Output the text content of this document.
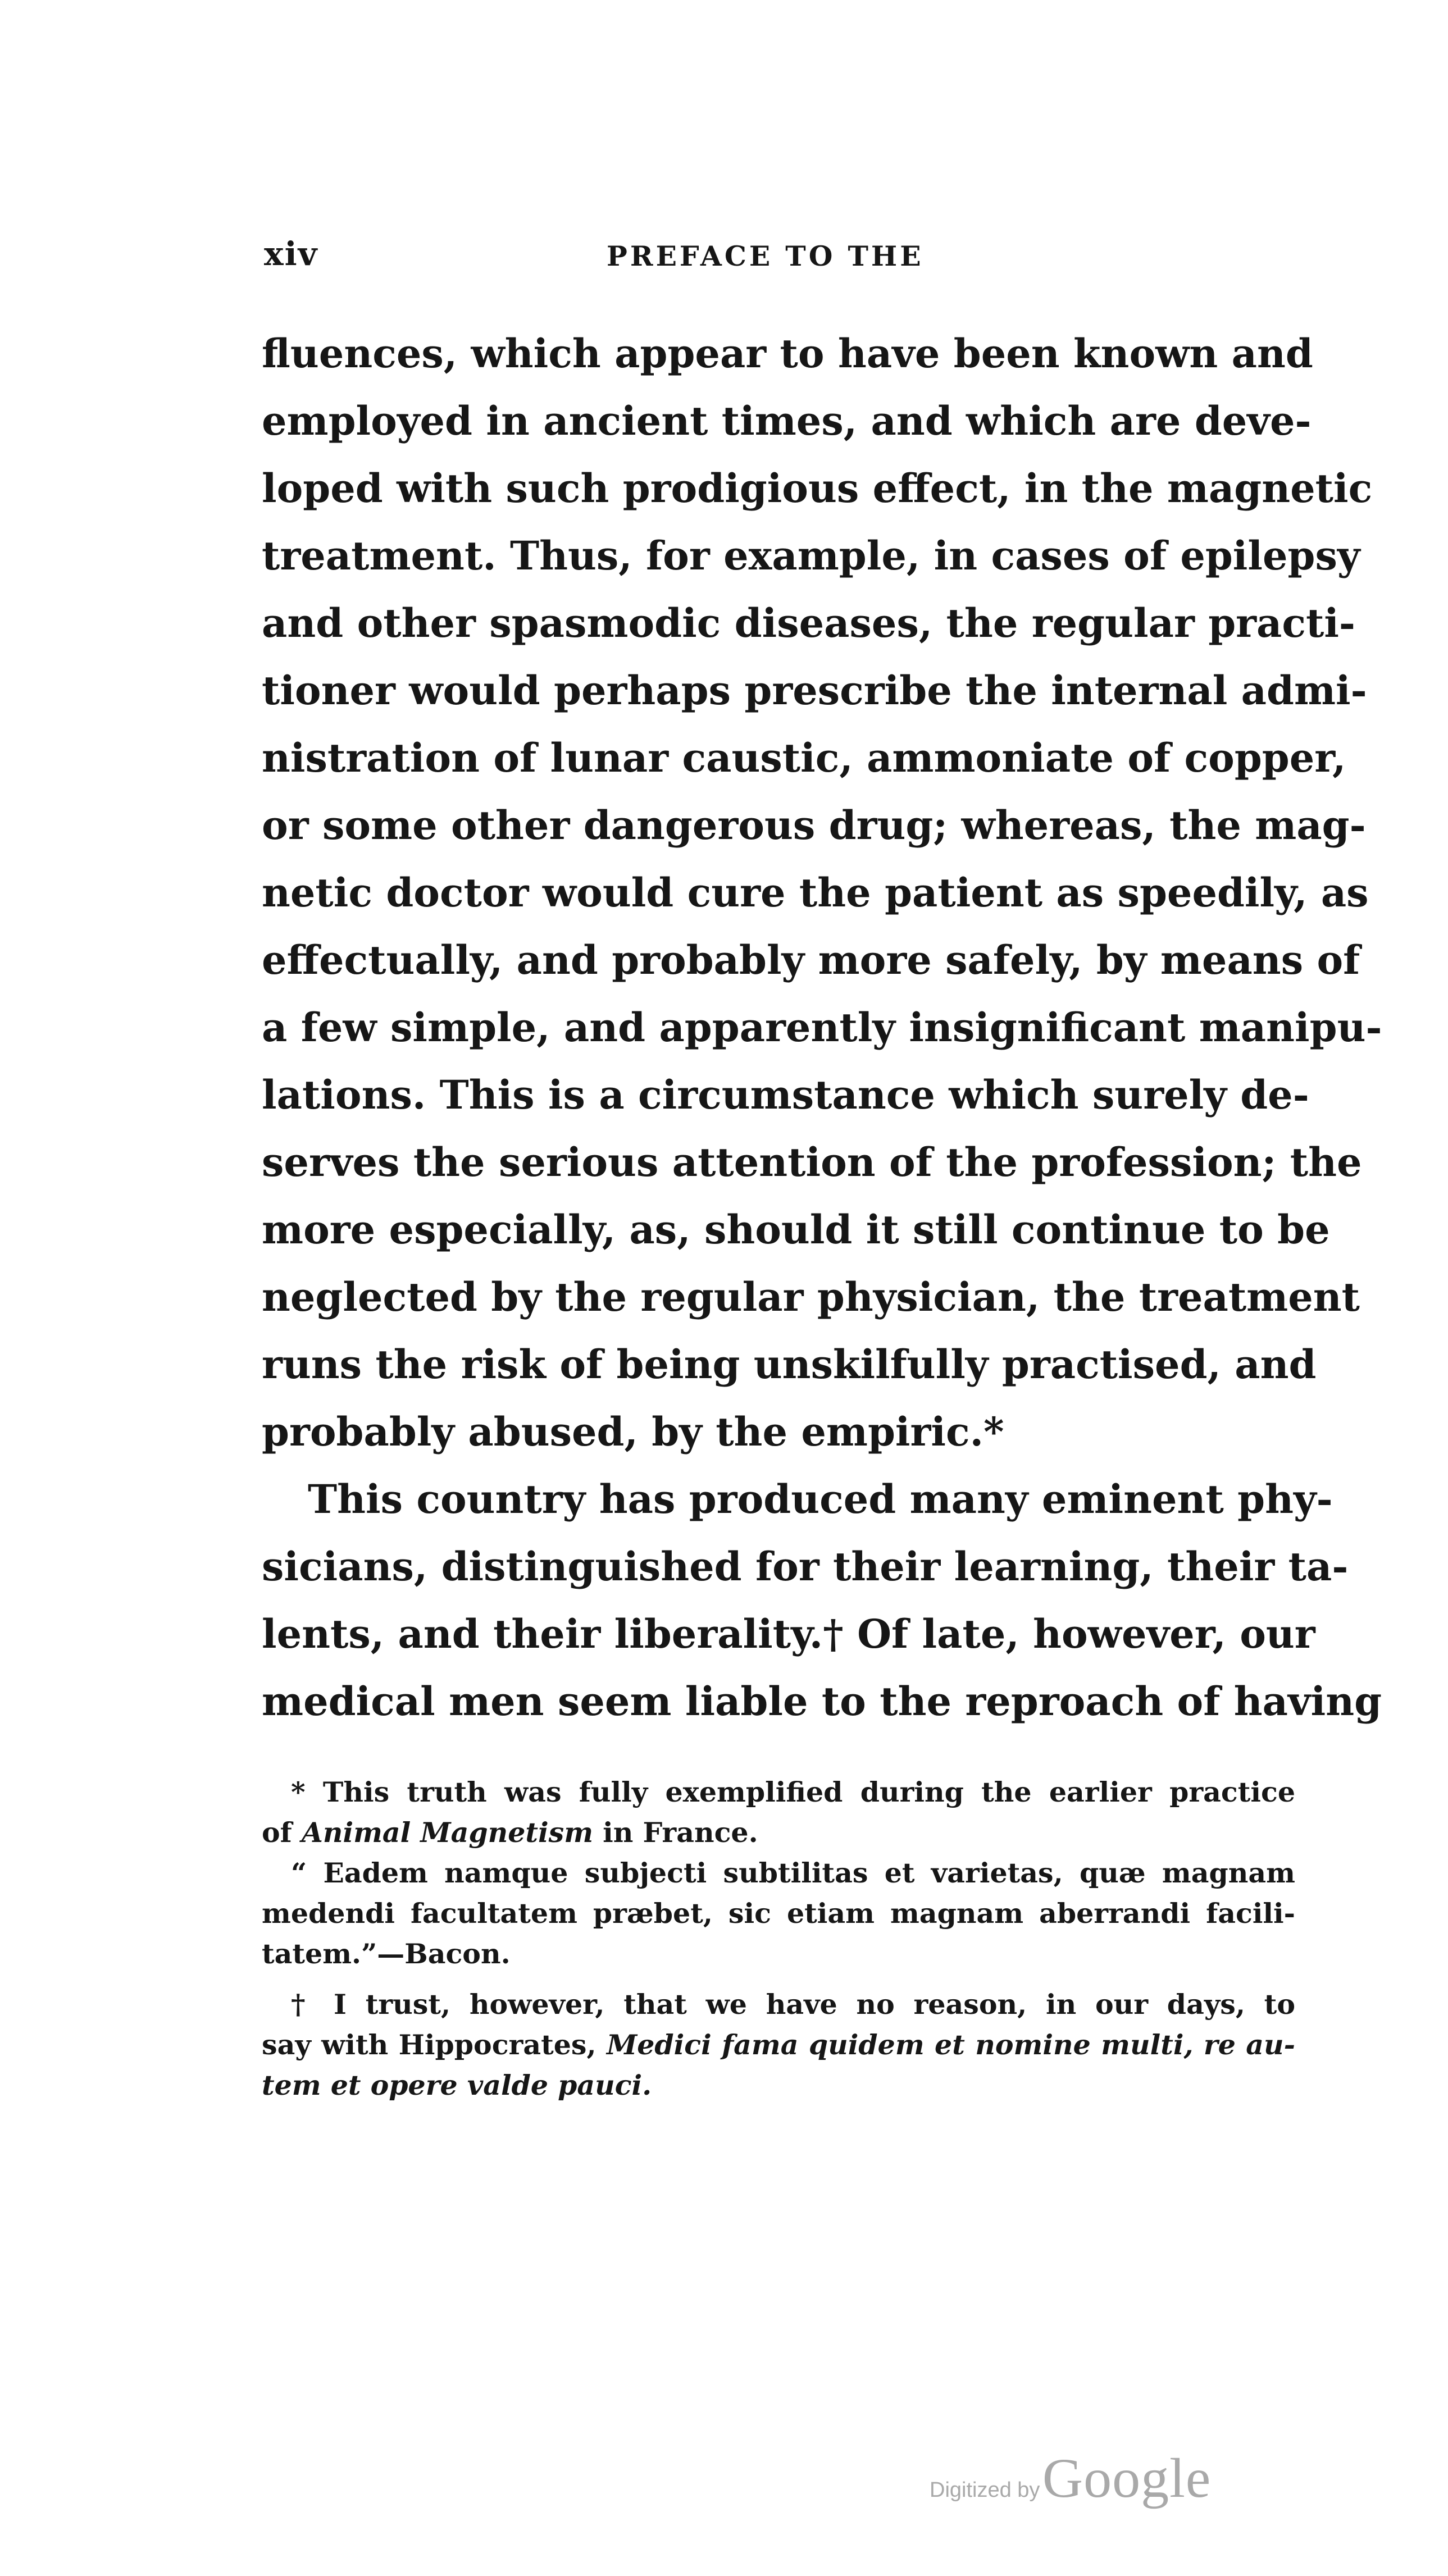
xiv	PREFACE TO THE
fluences, which appear to have been known and
employed in ancient times, and which are deve-
loped with such prodigious effect, in the magnetic
treatment. Thus, for example, in cases of epilepsy
and other spasmodic diseases, the regular practi-
tioner would perhaps prescribe the internal admi-
nistration of lunar caustic, ammoniate of copper,
or some other dangerous drug; whereas, the mag-
netic doctor would cure the patient as speedily, as
effectually, and probably more safely, by means of
a few simple, and apparently insignificant manipu-
lations. This is a circumstance which surely de-
serves the serious attention of the profession; the
more especially, as, should it still continue to be
neglected by the regular physician, the treatment
runs the risk of being unskilfully practised, and
probably abused, by the empiric.*
This country has produced many eminent phy-
sicians, distinguished for their learning, their ta-
lents, and their liberality.† Of late, however, our
medical men seem liable to the reproach of having
* This truth was fully exemplified during the earlier practice
of Animal Magnetism in France.
“ Eadem namque subjecti subtilitas et varietas, quæ magnam
medendi facultatem præbet, sic etiam magnam aberrandi facili-
tatem.”—Bacon.
† I trust, however, that we have no reason, in our days, to
say with Hippocrates, Medici fama quidem et nomine multi, re au-
tem et opere valde pauci.
Digitized by Google
